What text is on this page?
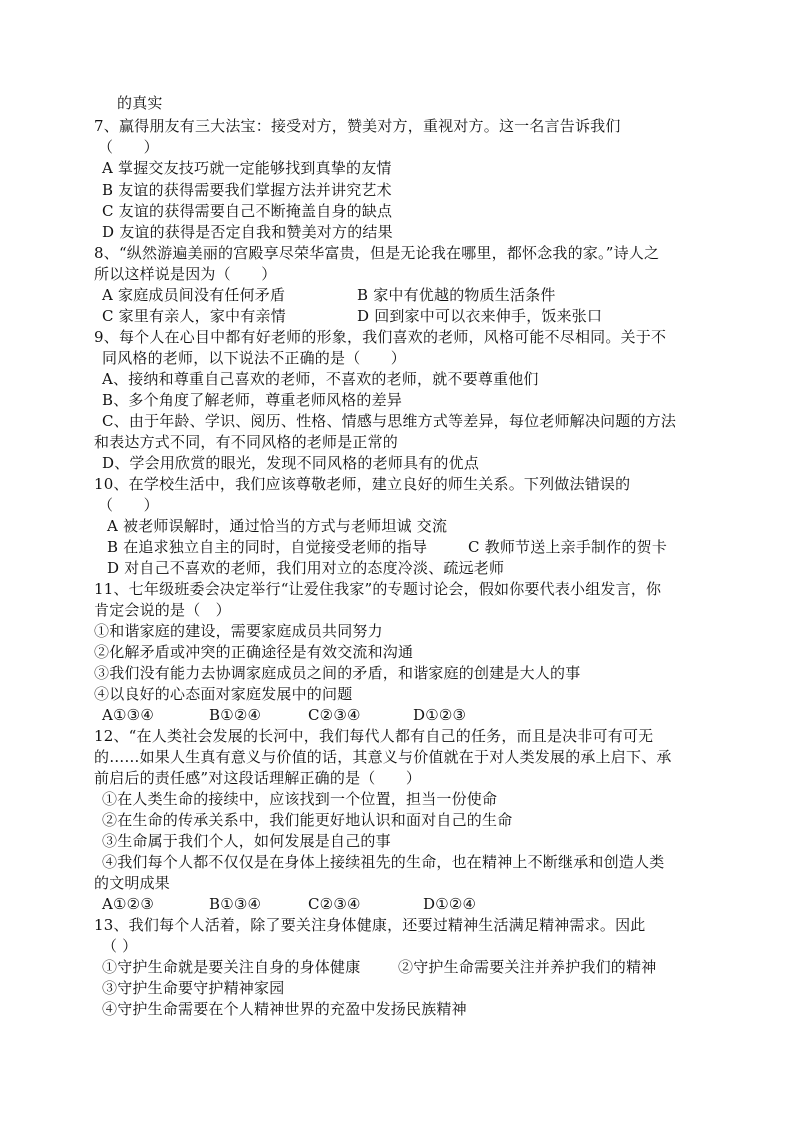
的真实
7、赢得朋友有三大法宝：接受对方，赞美对方，重视对方。这一名言告诉我们
（　　）
A 掌握交友技巧就一定能够找到真挚的友情
B 友谊的获得需要我们掌握方法并讲究艺术
C 友谊的获得需要自己不断掩盖自身的缺点
D 友谊的获得是否定自我和赞美对方的结果
8、“纵然游遍美丽的宫殿享尽荣华富贵，但是无论我在哪里，都怀念我的家。”诗人之
所以这样说是因为（　　）
A 家庭成员间没有任何矛盾	B 家中有优越的物质生活条件
C 家里有亲人，家中有亲情	D 回到家中可以衣来伸手，饭来张口
9、每个人在心目中都有好老师的形象，我们喜欢的老师，风格可能不尽相同。关于不
同风格的老师，以下说法不正确的是（　　）
A、接纳和尊重自己喜欢的老师，不喜欢的老师，就不要尊重他们
B、多个角度了解老师，尊重老师风格的差异
C、由于年龄、学识、阅历、性格、情感与思维方式等差异，每位老师解决问题的方法
和表达方式不同，有不同风格的老师是正常的
D、学会用欣赏的眼光，发现不同风格的老师具有的优点
10、在学校生活中，我们应该尊敬老师，建立良好的师生关系。下列做法错误的
（　　）
A 被老师误解时，通过恰当的方式与老师坦诚 交流
B 在追求独立自主的同时，自觉接受老师的指导	C 教师节送上亲手制作的贺卡
D 对自己不喜欢的老师，我们用对立的态度冷淡、疏远老师
11、七年级班委会决定举行“让爱住我家”的专题讨论会，假如你要代表小组发言，你
肯定会说的是（　）
①和谐家庭的建设，需要家庭成员共同努力
②化解矛盾或冲突的正确途径是有效交流和沟通
③我们没有能力去协调家庭成员之间的矛盾，和谐家庭的创建是大人的事
④以良好的心态面对家庭发展中的问题
A①③④	B①②④	C②③④	D①②③
12、“在人类社会发展的长河中，我们每代人都有自己的任务，而且是决非可有可无
的……如果人生真有意义与价值的话，其意义与价值就在于对人类发展的承上启下、承
前启后的责任感”对这段话理解正确的是（　　）
①在人类生命的接续中，应该找到一个位置，担当一份使命
②在生命的传承关系中，我们能更好地认识和面对自己的生命
③生命属于我们个人，如何发展是自己的事
④我们每个人都不仅仅是在身体上接续祖先的生命，也在精神上不断继承和创造人类
的文明成果
A①②③	B①③④	C②③④	D①②④
13、我们每个人活着，除了要关注身体健康，还要过精神生活满足精神需求。因此
（ ）
①守护生命就是要关注自身的身体健康	②守护生命需要关注并养护我们的精神
③守护生命要守护精神家园
④守护生命需要在个人精神世界的充盈中发扬民族精神
